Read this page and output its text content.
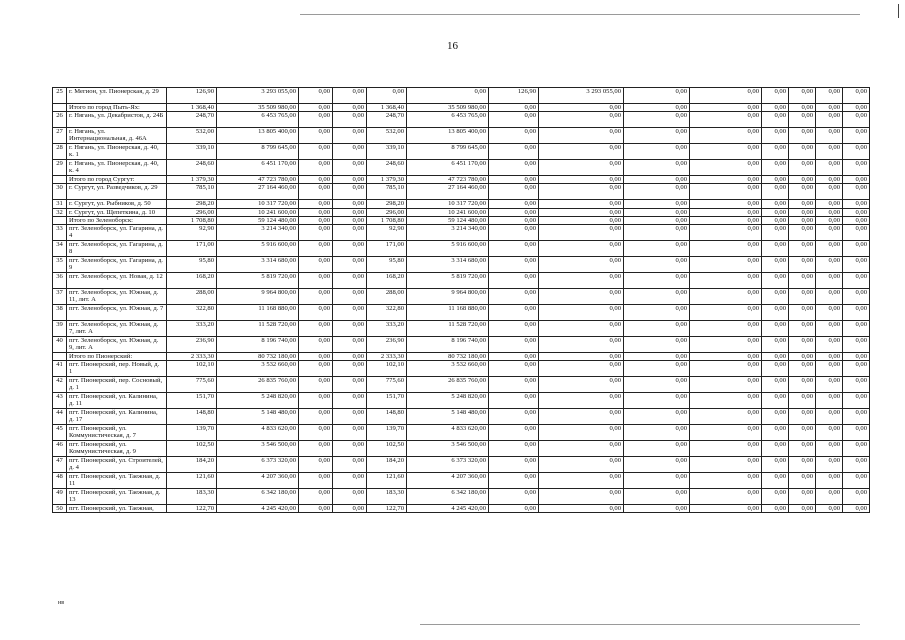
16
25	г. Мегион, ул. Пионерская, д. 29	126,90	3 293 055,00	0,00	0,00	0,00	0,00	126,90	3 293 055,00	0,00	0,00	0,00	0,00	0,00	0,00
	Итого по город Пыть-Ях:	1 368,40	35 509 980,00	0,00	0,00	1 368,40	35 509 980,00	0,00	0,00	0,00	0,00	0,00	0,00	0,00	0,00
26	г. Нягань, ул. Декабристов, д. 24Б	248,70	6 453 765,00	0,00	0,00	248,70	6 453 765,00	0,00	0,00	0,00	0,00	0,00	0,00	0,00	0,00
27	г. Нягань, ул. Интернациональная, д. 46А	532,00	13 805 400,00	0,00	0,00	532,00	13 805 400,00	0,00	0,00	0,00	0,00	0,00	0,00	0,00	0,00
28	г. Нягань, ул. Пионерская, д. 40, к. 1	339,10	8 799 645,00	0,00	0,00	339,10	8 799 645,00	0,00	0,00	0,00	0,00	0,00	0,00	0,00	0,00
29	г. Нягань, ул. Пионерская, д. 40, к. 4	248,60	6 451 170,00	0,00	0,00	248,60	6 451 170,00	0,00	0,00	0,00	0,00	0,00	0,00	0,00	0,00
	Итого по город Сургут:	1 379,30	47 723 780,00	0,00	0,00	1 379,30	47 723 780,00	0,00	0,00	0,00	0,00	0,00	0,00	0,00	0,00
30	г. Сургут, ул. Разведчиков, д. 29	785,10	27 164 460,00	0,00	0,00	785,10	27 164 460,00	0,00	0,00	0,00	0,00	0,00	0,00	0,00	0,00
31	г. Сургут, ул. Рыбников, д. 50	298,20	10 317 720,00	0,00	0,00	298,20	10 317 720,00	0,00	0,00	0,00	0,00	0,00	0,00	0,00	0,00
32	г. Сургут, ул. Щепеткина, д. 10	296,00	10 241 600,00	0,00	0,00	296,00	10 241 600,00	0,00	0,00	0,00	0,00	0,00	0,00	0,00	0,00
	Итого по Зеленоборск:	1 708,80	59 124 480,00	0,00	0,00	1 708,80	59 124 480,00	0,00	0,00	0,00	0,00	0,00	0,00	0,00	0,00
33	пгт. Зеленоборск, ул. Гагарина, д. 4	92,90	3 214 340,00	0,00	0,00	92,90	3 214 340,00	0,00	0,00	0,00	0,00	0,00	0,00	0,00	0,00
34	пгт. Зеленоборск, ул. Гагарина, д. 8	171,00	5 916 600,00	0,00	0,00	171,00	5 916 600,00	0,00	0,00	0,00	0,00	0,00	0,00	0,00	0,00
35	пгт. Зеленоборск, ул. Гагарина, д. 9	95,80	3 314 680,00	0,00	0,00	95,80	3 314 680,00	0,00	0,00	0,00	0,00	0,00	0,00	0,00	0,00
36	пгт. Зеленоборск, ул. Новая, д. 12	168,20	5 819 720,00	0,00	0,00	168,20	5 819 720,00	0,00	0,00	0,00	0,00	0,00	0,00	0,00	0,00
37	пгт. Зеленоборск, ул. Южная, д. 11, лит. А	288,00	9 964 800,00	0,00	0,00	288,00	9 964 800,00	0,00	0,00	0,00	0,00	0,00	0,00	0,00	0,00
38	пгт. Зеленоборск, ул. Южная, д. 7	322,80	11 168 880,00	0,00	0,00	322,80	11 168 880,00	0,00	0,00	0,00	0,00	0,00	0,00	0,00	0,00
39	пгт. Зеленоборск, ул. Южная, д. 7, лит. А	333,20	11 528 720,00	0,00	0,00	333,20	11 528 720,00	0,00	0,00	0,00	0,00	0,00	0,00	0,00	0,00
40	пгт. Зеленоборск, ул. Южная, д. 9, лит. А	236,90	8 196 740,00	0,00	0,00	236,90	8 196 740,00	0,00	0,00	0,00	0,00	0,00	0,00	0,00	0,00
	Итого по Пионерский:	2 333,30	80 732 180,00	0,00	0,00	2 333,30	80 732 180,00	0,00	0,00	0,00	0,00	0,00	0,00	0,00	0,00
41	пгт. Пионерский, пер. Новый, д. 1	102,10	3 532 660,00	0,00	0,00	102,10	3 532 660,00	0,00	0,00	0,00	0,00	0,00	0,00	0,00	0,00
42	пгт. Пионерский, пер. Сосновый, д. 1	775,60	26 835 760,00	0,00	0,00	775,60	26 835 760,00	0,00	0,00	0,00	0,00	0,00	0,00	0,00	0,00
43	пгт. Пионерский, ул. Калинина, д. 11	151,70	5 248 820,00	0,00	0,00	151,70	5 248 820,00	0,00	0,00	0,00	0,00	0,00	0,00	0,00	0,00
44	пгт. Пионерский, ул. Калинина, д. 17	148,80	5 148 480,00	0,00	0,00	148,80	5 148 480,00	0,00	0,00	0,00	0,00	0,00	0,00	0,00	0,00
45	пгт. Пионерский, ул. Коммунистическая, д. 7	139,70	4 833 620,00	0,00	0,00	139,70	4 833 620,00	0,00	0,00	0,00	0,00	0,00	0,00	0,00	0,00
46	пгт. Пионерский, ул. Коммунистическая, д. 9	102,50	3 546 500,00	0,00	0,00	102,50	3 546 500,00	0,00	0,00	0,00	0,00	0,00	0,00	0,00	0,00
47	пгт. Пионерский, ул. Строителей, д. 4	184,20	6 373 320,00	0,00	0,00	184,20	6 373 320,00	0,00	0,00	0,00	0,00	0,00	0,00	0,00	0,00
48	пгт. Пионерский, ул. Таежная, д. 11	121,60	4 207 360,00	0,00	0,00	121,60	4 207 360,00	0,00	0,00	0,00	0,00	0,00	0,00	0,00	0,00
49	пгт. Пионерский, ул. Таежная, д. 13	183,30	6 342 180,00	0,00	0,00	183,30	6 342 180,00	0,00	0,00	0,00	0,00	0,00	0,00	0,00	0,00
50	пгт. Пионерский, ул. Таежная,	122,70	4 245 420,00	0,00	0,00	122,70	4 245 420,00	0,00	0,00	0,00	0,00	0,00	0,00	0,00	0,00
нв
